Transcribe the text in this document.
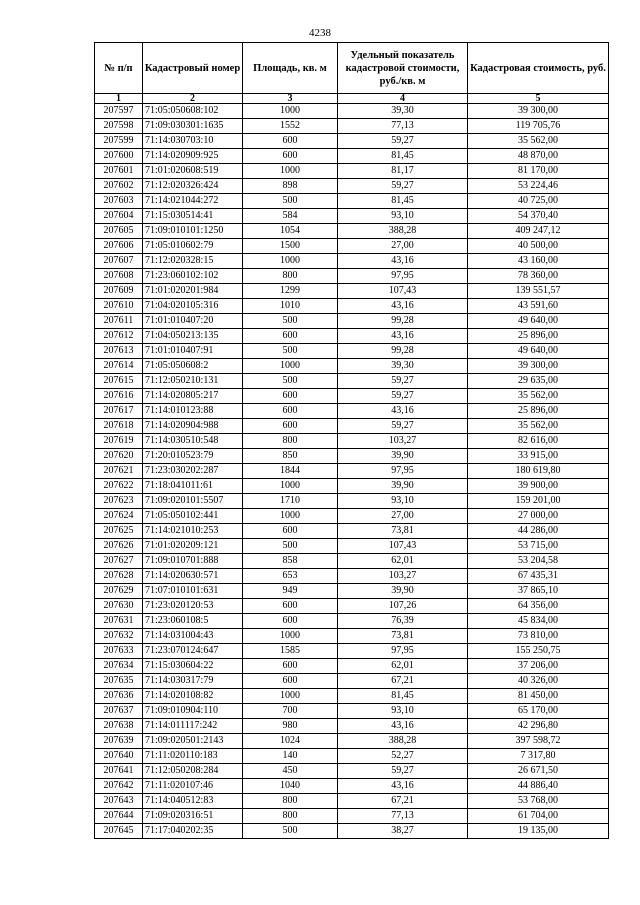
4238
№ п/п	Кадастровый номер	Площадь, кв. м	Удельный показатель кадастровой стоимости, руб./кв. м	Кадастровая стоимость, руб.
1	2	3	4	5
207597	71:05:050608:102	1000	39,30	39 300,00
207598	71:09:030301:1635	1552	77,13	119 705,76
207599	71:14:030703:10	600	59,27	35 562,00
207600	71:14:020909:925	600	81,45	48 870,00
207601	71:01:020608:519	1000	81,17	81 170,00
207602	71:12:020326:424	898	59,27	53 224,46
207603	71:14:021044:272	500	81,45	40 725,00
207604	71:15:030514:41	584	93,10	54 370,40
207605	71:09:010101:1250	1054	388,28	409 247,12
207606	71:05:010602:79	1500	27,00	40 500,00
207607	71:12:020328:15	1000	43,16	43 160,00
207608	71:23:060102:102	800	97,95	78 360,00
207609	71:01:020201:984	1299	107,43	139 551,57
207610	71:04:020105:316	1010	43,16	43 591,60
207611	71:01:010407:20	500	99,28	49 640,00
207612	71:04:050213:135	600	43,16	25 896,00
207613	71:01:010407:91	500	99,28	49 640,00
207614	71:05:050608:2	1000	39,30	39 300,00
207615	71:12:050210:131	500	59,27	29 635,00
207616	71:14:020805:217	600	59,27	35 562,00
207617	71:14:010123:88	600	43,16	25 896,00
207618	71:14:020904:988	600	59,27	35 562,00
207619	71:14:030510:548	800	103,27	82 616,00
207620	71:20:010523:79	850	39,90	33 915,00
207621	71:23:030202:287	1844	97,95	180 619,80
207622	71:18:041011:61	1000	39,90	39 900,00
207623	71:09:020101:5507	1710	93,10	159 201,00
207624	71:05:050102:441	1000	27,00	27 000,00
207625	71:14:021010:253	600	73,81	44 286,00
207626	71:01:020209:121	500	107,43	53 715,00
207627	71:09:010701:888	858	62,01	53 204,58
207628	71:14:020630:571	653	103,27	67 435,31
207629	71:07:010101:631	949	39,90	37 865,10
207630	71:23:020120:53	600	107,26	64 356,00
207631	71:23:060108:5	600	76,39	45 834,00
207632	71:14:031004:43	1000	73,81	73 810,00
207633	71:23:070124:647	1585	97,95	155 250,75
207634	71:15:030604:22	600	62,01	37 206,00
207635	71:14:030317:79	600	67,21	40 326,00
207636	71:14:020108:82	1000	81,45	81 450,00
207637	71:09:010904:110	700	93,10	65 170,00
207638	71:14:011117:242	980	43,16	42 296,80
207639	71:09:020501:2143	1024	388,28	397 598,72
207640	71:11:020110:183	140	52,27	7 317,80
207641	71:12:050208:284	450	59,27	26 671,50
207642	71:11:020107:46	1040	43,16	44 886,40
207643	71:14:040512:83	800	67,21	53 768,00
207644	71:09:020316:51	800	77,13	61 704,00
207645	71:17:040202:35	500	38,27	19 135,00
